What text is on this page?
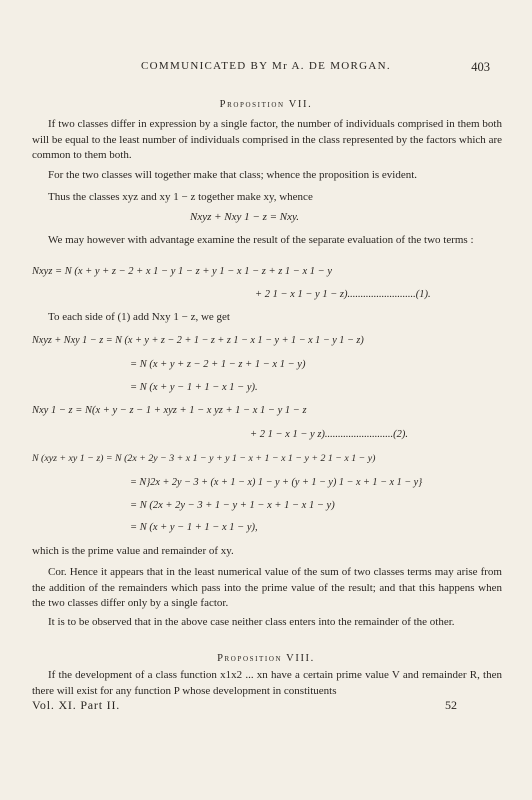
COMMUNICATED BY Mr A. DE MORGAN.	403
Proposition VII.
If two classes differ in expression by a single factor, the number of individuals comprised in them both will be equal to the least number of individuals comprised in the class represented by the factors which are common to them both.
For the two classes will together make that class; whence the proposition is evident.
Thus the classes xyz and xy 1 − z together make xy, whence
Nxyz + Nxy 1 − z = Nxy.
We may however with advantage examine the result of the separate evaluation of the two terms :
Nxyz = N (x + y + z − 2 + x 1 − y 1 − z + y 1 − x 1 − z + z 1 − x 1 − y
+ 2 1 − x 1 − y 1 − z)..........................(1).
To each side of (1) add Nxy 1 − z, we get
Nxyz + Nxy 1 − z = N (x + y + z − 2 + 1 − z + z 1 − x 1 − y + 1 − x 1 − y 1 − z)
= N (x + y + z − 2 + 1 − z + 1 − x 1 − y)
= N (x + y − 1 + 1 − x 1 − y).
Nxy 1 − z = N(x + y − z − 1 + xyz + 1 − x yz + 1 − x 1 − y 1 − z
+ 2 1 − x 1 − y z)..........................(2).
N (xyz + xy 1 − z) = N (2x + 2y − 3 + x 1 − y + y 1 − x + 1 − x 1 − y + 2 1 − x 1 − y)
= N}2x + 2y − 3 + (x + 1 − x) 1 − y + (y + 1 − y) 1 − x + 1 − x 1 − y}
= N (2x + 2y − 3 + 1 − y + 1 − x + 1 − x 1 − y)
= N (x + y − 1 + 1 − x 1 − y),
which is the prime value and remainder of xy.
Cor. Hence it appears that in the least numerical value of the sum of two classes terms may arise from the addition of the remainders which pass into the prime value of the result; and that this happens when the two classes differ only by a single factor.
It is to be observed that in the above case neither class enters into the remainder of the other.
Proposition VIII.
If the development of a class function x1x2 ... xn have a certain prime value V and remainder R, then there will exist for any function P whose development in constituents
Vol. XI. Part II.	52
